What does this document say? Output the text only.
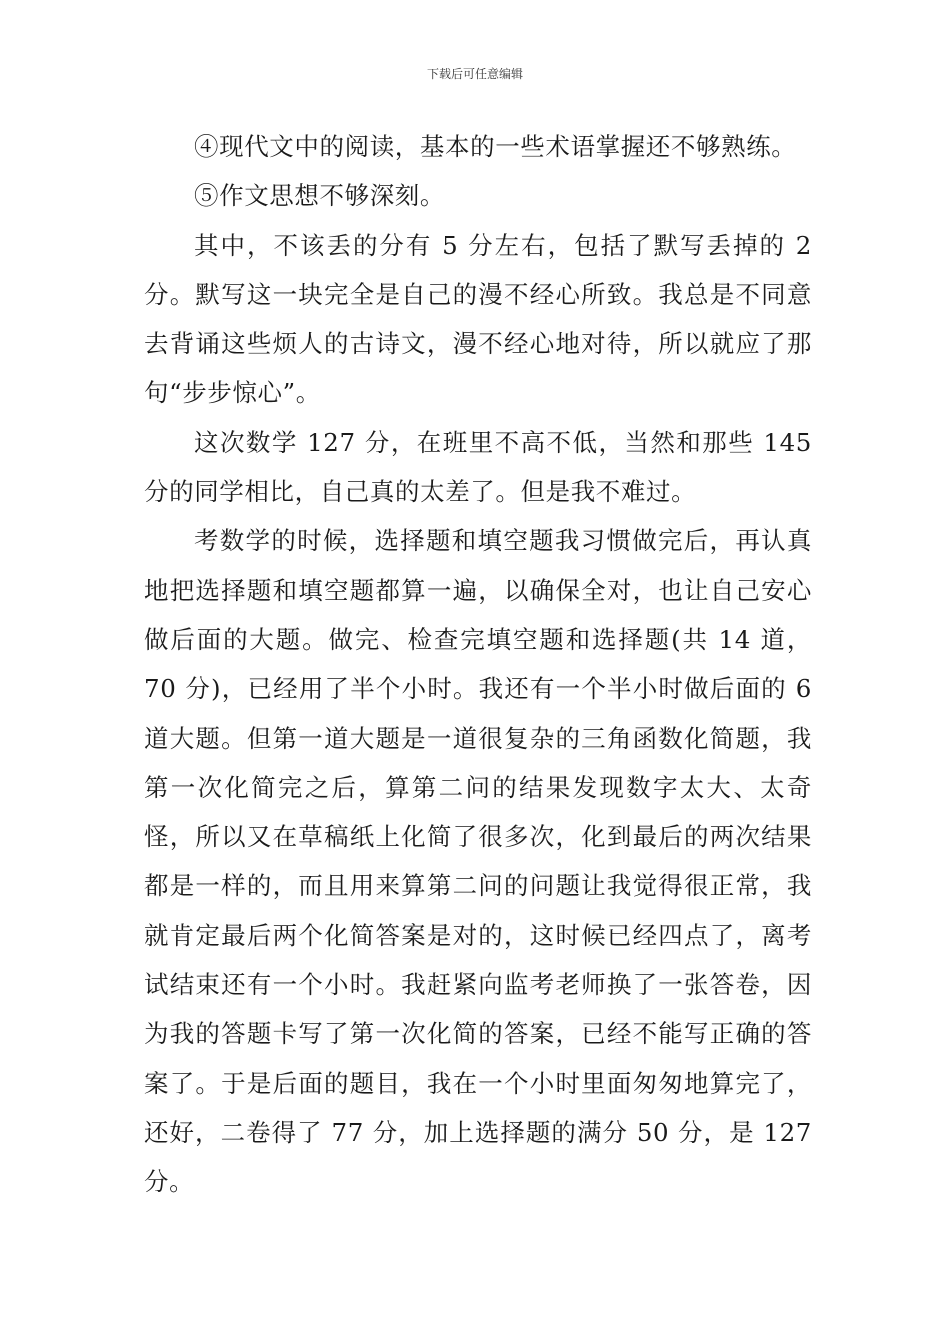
下载后可任意编辑

④现代文中的阅读，基本的一些术语掌握还不够熟练。

⑤作文思想不够深刻。

其中，不该丢的分有 5 分左右，包括了默写丢掉的 2 分。默写这一块完全是自己的漫不经心所致。我总是不同意去背诵这些烦人的古诗文，漫不经心地对待，所以就应了那句“步步惊心”。

这次数学 127 分，在班里不高不低，当然和那些 145 分的同学相比，自己真的太差了。但是我不难过。

考数学的时候，选择题和填空题我习惯做完后，再认真地把选择题和填空题都算一遍，以确保全对，也让自己安心做后面的大题。做完、检查完填空题和选择题(共 14 道，70 分)，已经用了半个小时。我还有一个半小时做后面的 6 道大题。但第一道大题是一道很复杂的三角函数化简题，我第一次化简完之后，算第二问的结果发现数字太大、太奇怪，所以又在草稿纸上化简了很多次，化到最后的两次结果都是一样的，而且用来算第二问的问题让我觉得很正常，我就肯定最后两个化简答案是对的，这时候已经四点了，离考试结束还有一个小时。我赶紧向监考老师换了一张答卷，因为我的答题卡写了第一次化简的答案，已经不能写正确的答案了。于是后面的题目，我在一个小时里面匆匆地算完了，还好，二卷得了 77 分，加上选择题的满分 50 分，是 127 分。
